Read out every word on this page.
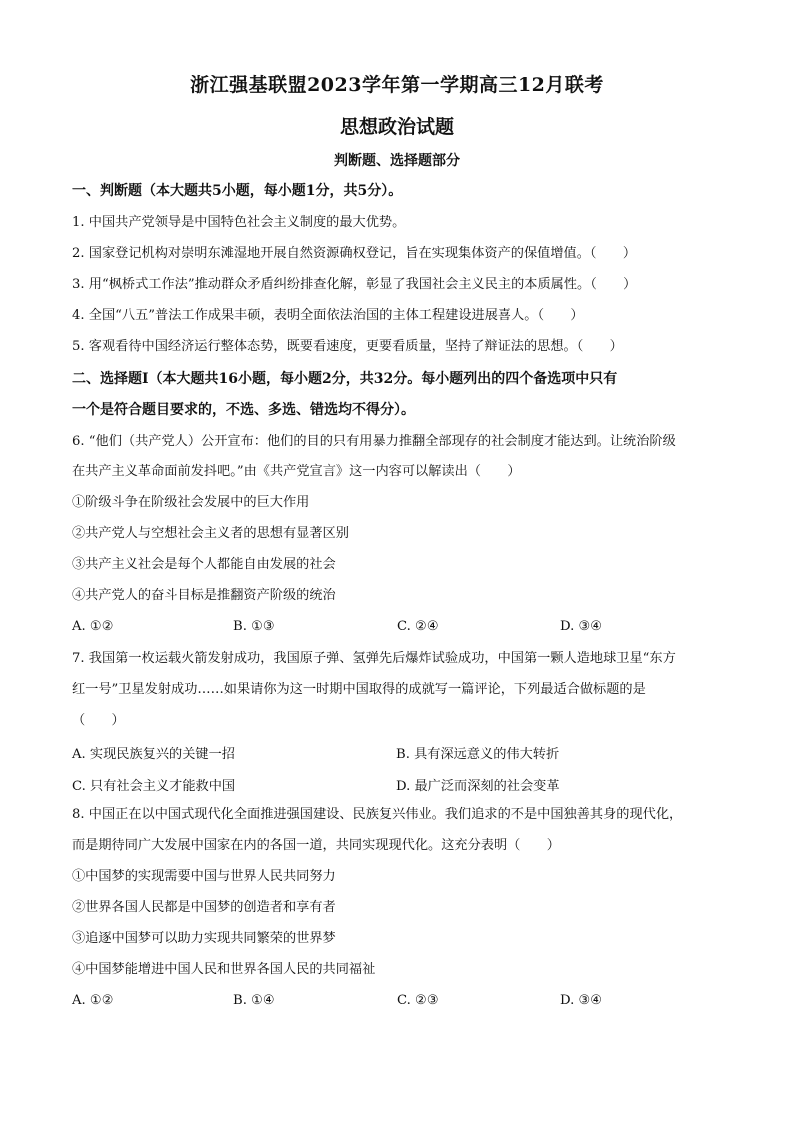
浙江强基联盟2023学年第一学期高三12月联考
思想政治试题
判断题、选择题部分
一、判断题（本大题共5小题，每小题1分，共5分）。
1. 中国共产党领导是中国特色社会主义制度的最大优势。
2. 国家登记机构对崇明东滩湿地开展自然资源确权登记，旨在实现集体资产的保值增值。（　　）
3. 用“枫桥式工作法”推动群众矛盾纠纷排查化解，彰显了我国社会主义民主的本质属性。（　　）
4. 全国“八五”普法工作成果丰硕，表明全面依法治国的主体工程建设进展喜人。（　　）
5. 客观看待中国经济运行整体态势，既要看速度，更要看质量，坚持了辩证法的思想。（　　）
二、选择题Ⅰ（本大题共16小题，每小题2分，共32分。每小题列出的四个备选项中只有
一个是符合题目要求的，不选、多选、错选均不得分）。
6. “他们（共产党人）公开宣布：他们的目的只有用暴力推翻全部现存的社会制度才能达到。让统治阶级
在共产主义革命面前发抖吧。”由《共产党宣言》这一内容可以解读出（　　）
①阶级斗争在阶级社会发展中的巨大作用
②共产党人与空想社会主义者的思想有显著区别
③共产主义社会是每个人都能自由发展的社会
④共产党人的奋斗目标是推翻资产阶级的统治
A. ①②	B. ①③	C. ②④	D. ③④
7. 我国第一枚运载火箭发射成功，我国原子弹、氢弹先后爆炸试验成功，中国第一颗人造地球卫星“东方
红一号”卫星发射成功……如果请你为这一时期中国取得的成就写一篇评论，下列最适合做标题的是
（　　）
A. 实现民族复兴的关键一招	B. 具有深远意义的伟大转折
C. 只有社会主义才能救中国	D. 最广泛而深刻的社会变革
8. 中国正在以中国式现代化全面推进强国建设、民族复兴伟业。我们追求的不是中国独善其身的现代化，
而是期待同广大发展中国家在内的各国一道，共同实现现代化。这充分表明（　　）
①中国梦的实现需要中国与世界人民共同努力
②世界各国人民都是中国梦的创造者和享有者
③追逐中国梦可以助力实现共同繁荣的世界梦
④中国梦能增进中国人民和世界各国人民的共同福祉
A. ①②	B. ①④	C. ②③	D. ③④
